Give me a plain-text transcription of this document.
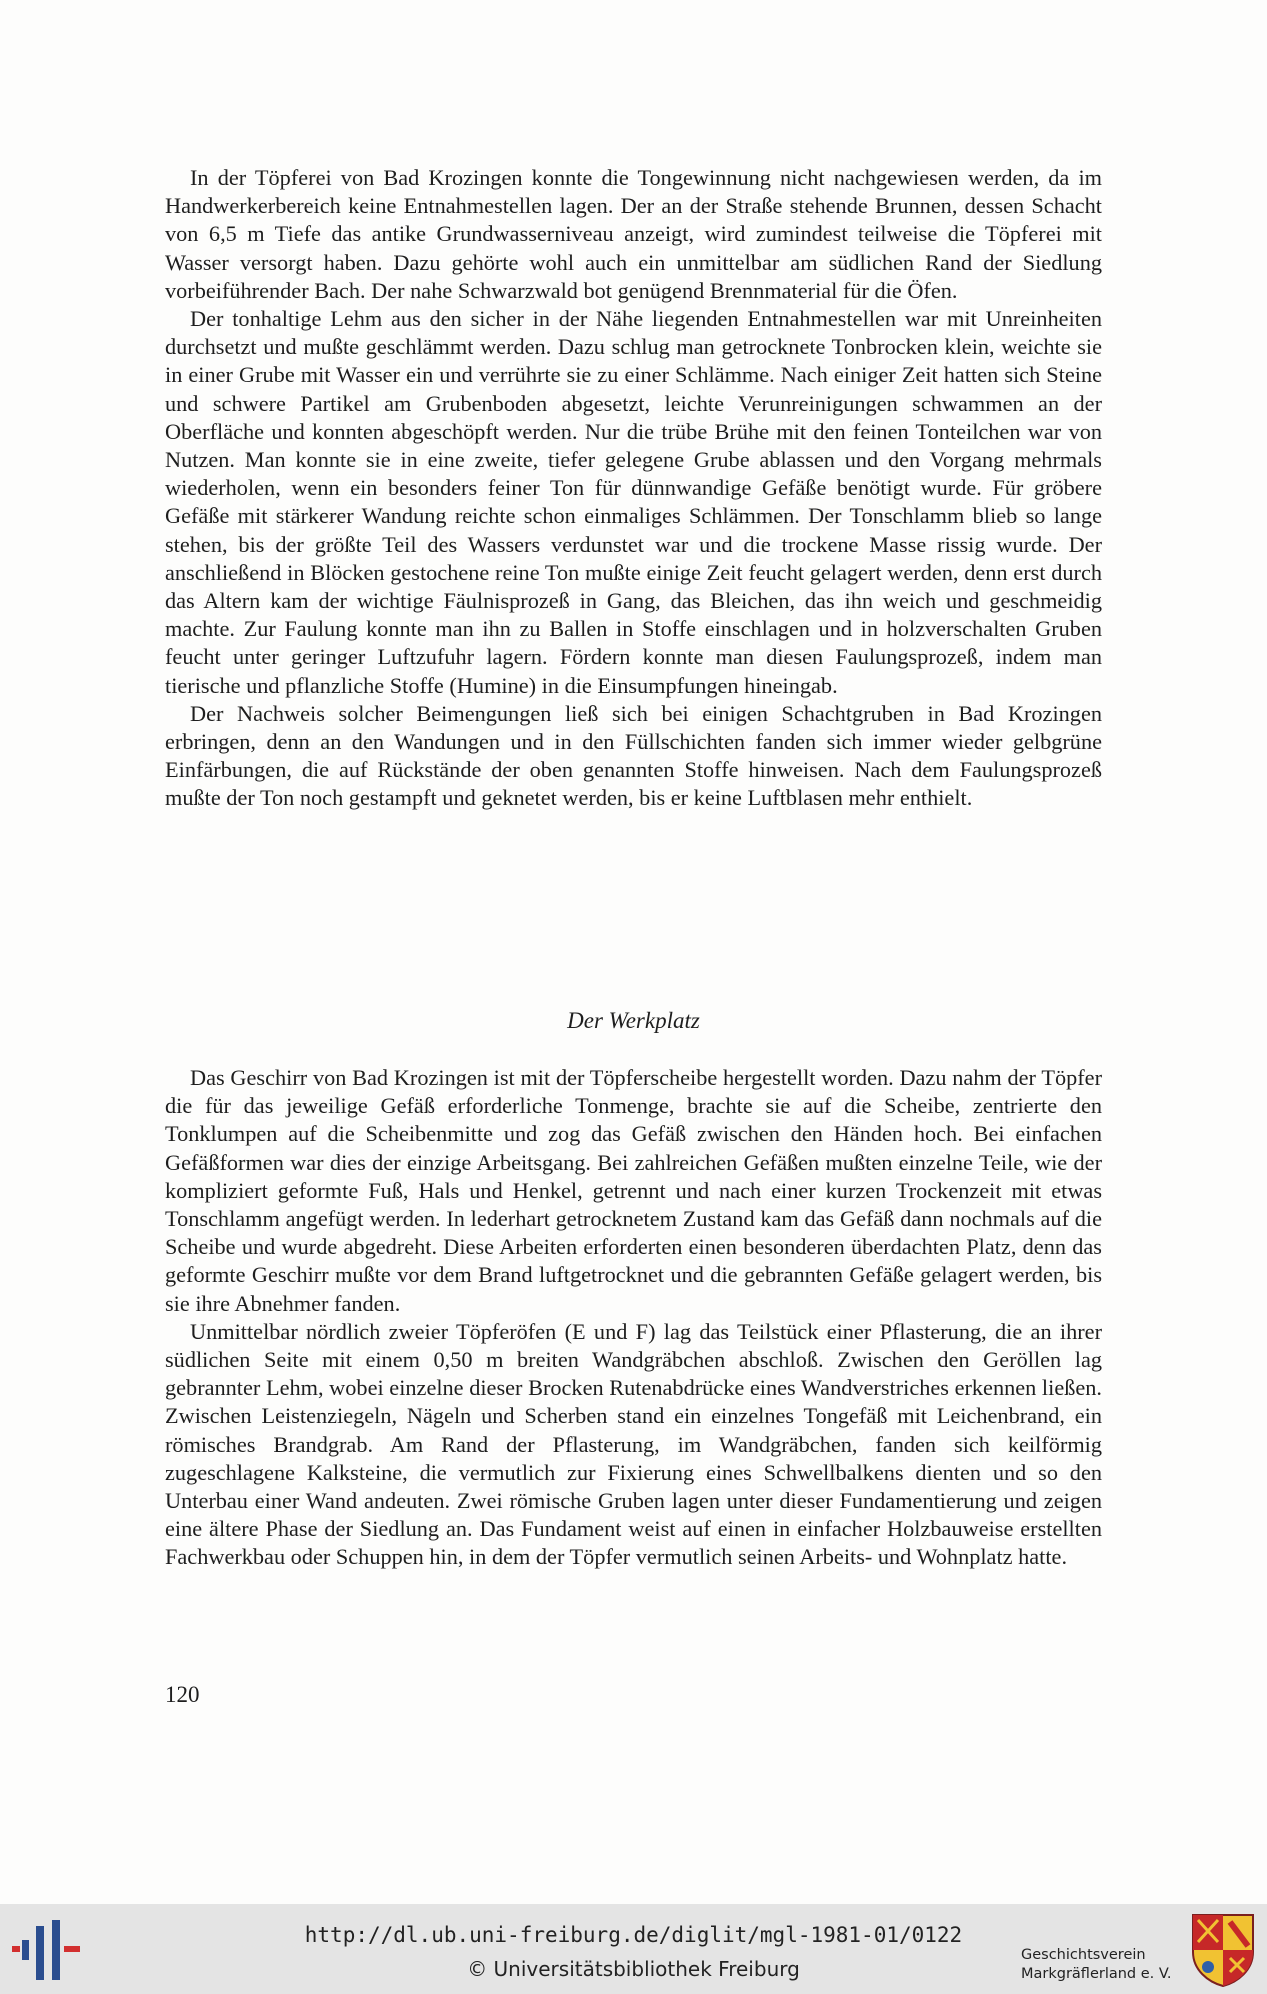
In der Töpferei von Bad Krozingen konnte die Tongewinnung nicht nachgewiesen werden, da im Handwerkerbereich keine Entnahmestellen lagen. Der an der Straße stehende Brunnen, dessen Schacht von 6,5 m Tiefe das antike Grundwasserniveau anzeigt, wird zumindest teilweise die Töpferei mit Wasser versorgt haben. Dazu gehörte wohl auch ein unmittelbar am südlichen Rand der Siedlung vorbeiführender Bach. Der nahe Schwarzwald bot genügend Brennmaterial für die Öfen.

Der tonhaltige Lehm aus den sicher in der Nähe liegenden Entnahmestellen war mit Unreinheiten durchsetzt und mußte geschlämmt werden. Dazu schlug man getrocknete Tonbrocken klein, weichte sie in einer Grube mit Wasser ein und verrührte sie zu einer Schlämme. Nach einiger Zeit hatten sich Steine und schwere Partikel am Grubenboden abgesetzt, leichte Verunreinigungen schwammen an der Oberfläche und konnten abgeschöpft werden. Nur die trübe Brühe mit den feinen Tonteilchen war von Nutzen. Man konnte sie in eine zweite, tiefer gelegene Grube ablassen und den Vorgang mehrmals wiederholen, wenn ein besonders feiner Ton für dünnwandige Gefäße benötigt wurde. Für gröbere Gefäße mit stärkerer Wandung reichte schon einmaliges Schlämmen. Der Tonschlamm blieb so lange stehen, bis der größte Teil des Wassers verdunstet war und die trockene Masse rissig wurde. Der anschließend in Blöcken gestochene reine Ton mußte einige Zeit feucht gelagert werden, denn erst durch das Altern kam der wichtige Fäulnisprozeß in Gang, das Bleichen, das ihn weich und geschmeidig machte. Zur Faulung konnte man ihn zu Ballen in Stoffe einschlagen und in holzverschalten Gruben feucht unter geringer Luftzufuhr lagern. Fördern konnte man diesen Faulungsprozeß, indem man tierische und pflanzliche Stoffe (Humine) in die Einsumpfungen hineingab.

Der Nachweis solcher Beimengungen ließ sich bei einigen Schachtgruben in Bad Krozingen erbringen, denn an den Wandungen und in den Füllschichten fanden sich immer wieder gelbgrüne Einfärbungen, die auf Rückstände der oben genannten Stoffe hinweisen. Nach dem Faulungsprozeß mußte der Ton noch gestampft und geknetet werden, bis er keine Luftblasen mehr enthielt.

Der Werkplatz

Das Geschirr von Bad Krozingen ist mit der Töpferscheibe hergestellt worden. Dazu nahm der Töpfer die für das jeweilige Gefäß erforderliche Tonmenge, brachte sie auf die Scheibe, zentrierte den Tonklumpen auf die Scheibenmitte und zog das Gefäß zwischen den Händen hoch. Bei einfachen Gefäßformen war dies der einzige Arbeitsgang. Bei zahlreichen Gefäßen mußten einzelne Teile, wie der kompliziert geformte Fuß, Hals und Henkel, getrennt und nach einer kurzen Trockenzeit mit etwas Tonschlamm angefügt werden. In lederhart getrocknetem Zustand kam das Gefäß dann nochmals auf die Scheibe und wurde abgedreht. Diese Arbeiten erforderten einen besonderen überdachten Platz, denn das geformte Geschirr mußte vor dem Brand luftgetrocknet und die gebrannten Gefäße gelagert werden, bis sie ihre Abnehmer fanden.

Unmittelbar nördlich zweier Töpferöfen (E und F) lag das Teilstück einer Pflasterung, die an ihrer südlichen Seite mit einem 0,50 m breiten Wandgräbchen abschloß. Zwischen den Geröllen lag gebrannter Lehm, wobei einzelne dieser Brocken Rutenabdrücke eines Wandverstriches erkennen ließen. Zwischen Leistenziegeln, Nägeln und Scherben stand ein einzelnes Tongefäß mit Leichenbrand, ein römisches Brandgrab. Am Rand der Pflasterung, im Wandgräbchen, fanden sich keilförmig zugeschlagene Kalksteine, die vermutlich zur Fixierung eines Schwellbalkens dienten und so den Unterbau einer Wand andeuten. Zwei römische Gruben lagen unter dieser Fundamentierung und zeigen eine ältere Phase der Siedlung an. Das Fundament weist auf einen in einfacher Holzbauweise erstellten Fachwerkbau oder Schuppen hin, in dem der Töpfer vermutlich seinen Arbeits- und Wohnplatz hatte.

120
http://dl.ub.uni-freiburg.de/diglit/mgl-1981-01/0122
© Universitätsbibliothek Freiburg
Geschichtsverein
Markgräflerland e. V.
